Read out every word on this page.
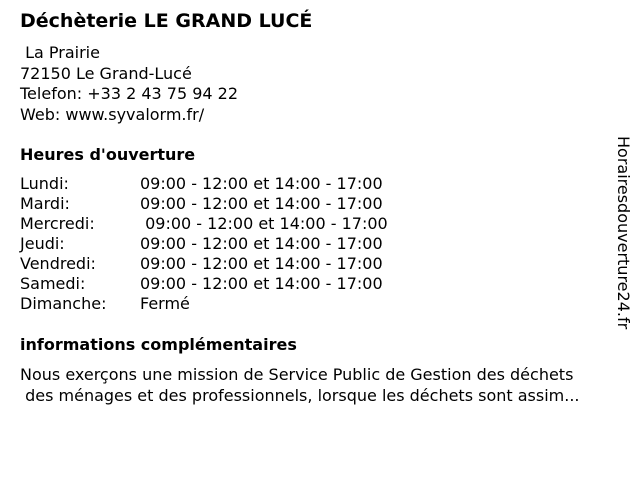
Déchèterie LE GRAND LUCÉ
La Prairie
72150 Le Grand-Lucé
Telefon: +33 2 43 75 94 22
Web: www.syvalorm.fr/
Heures d'ouverture
Lundi:	09:00 - 12:00 et 14:00 - 17:00
Mardi:	09:00 - 12:00 et 14:00 - 17:00
Mercredi:	09:00 - 12:00 et 14:00 - 17:00
Jeudi:	09:00 - 12:00 et 14:00 - 17:00
Vendredi:	09:00 - 12:00 et 14:00 - 17:00
Samedi:	09:00 - 12:00 et 14:00 - 17:00
Dimanche: Fermé
informations complémentaires
Nous exerçons une mission de Service Public de Gestion des déchets
des ménages et des professionnels, lorsque les déchets sont assim...
Horairesdouverture24.fr
